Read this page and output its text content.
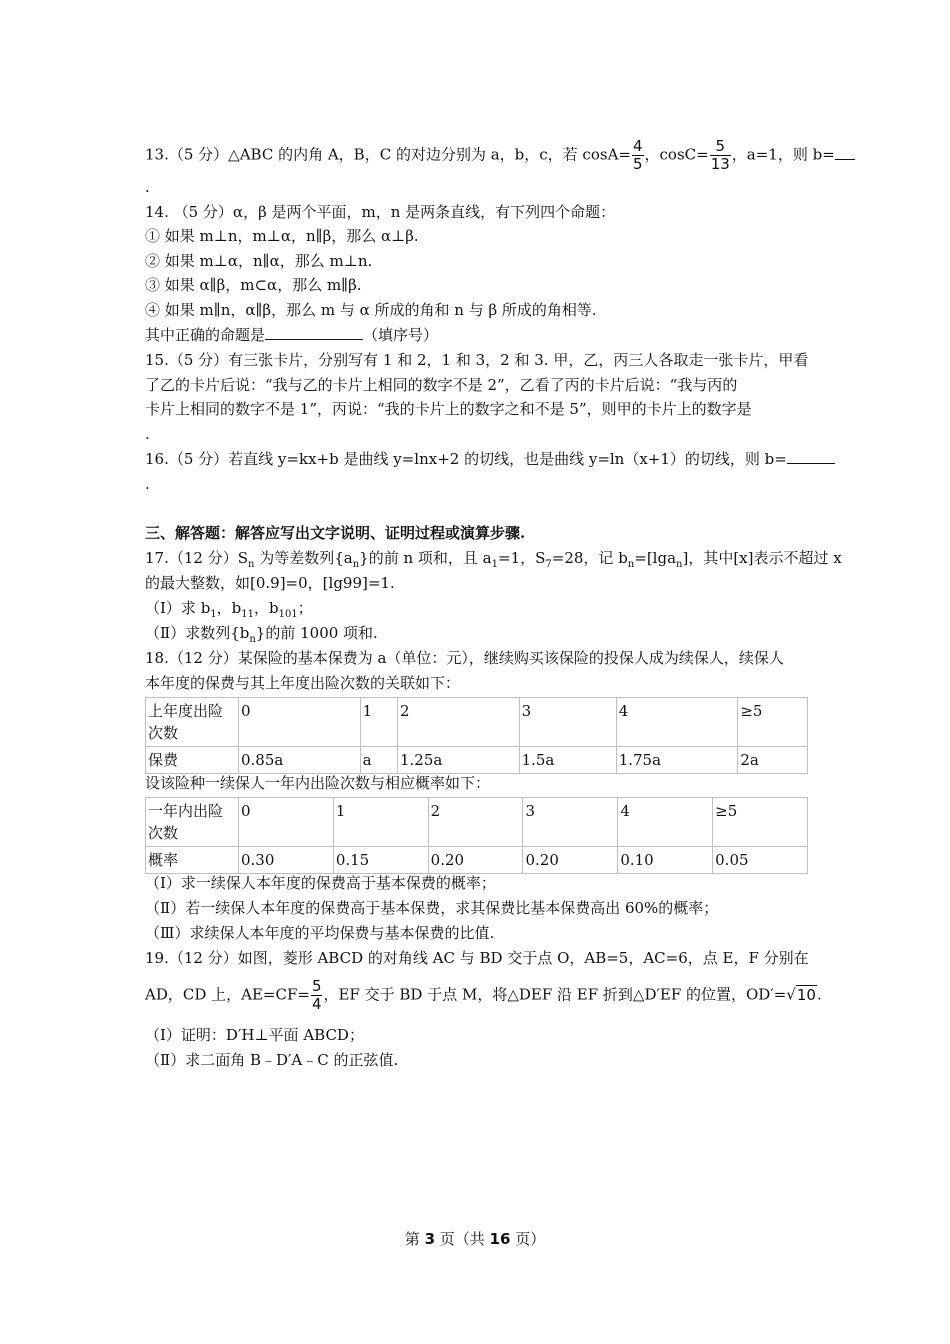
13.（5 分）△ABC 的内角 A，B，C 的对边分别为 a，b，c，若 $\cos A= \frac{4}{5}$ ，$\cos C= \frac{5}{13}$ ，a=1，则 b=
.
14. （5 分）α，β 是两个平面，m，n 是两条直线，有下列四个命题：
① 如果 m⊥n，m⊥α，n∥β，那么 α⊥β.
② 如果 m⊥α，n∥α，那么 m⊥n.
③ 如果 α∥β，m⊂α，那么 m∥β.
④ 如果 m∥n，α∥β，那么 m 与 α 所成的角和 n 与 β 所成的角相等.
其中正确的命题是	（填序号）
15.（5 分）有三张卡片，分别写有 1 和 2，1 和 3，2 和 3. 甲，乙，丙三人各取走一张卡片，甲看
了乙的卡片后说：“我与乙的卡片上相同的数字不是 2”，乙看了丙的卡片后说：“我与丙的
卡片上相同的数字不是 1”，丙说：“我的卡片上的数字之和不是 5”，则甲的卡片上的数字是
.
16.（5 分）若直线 y=kx+b 是曲线 y=lnx+2 的切线，也是曲线 y=ln（x+1）的切线，则 b=
.
三、解答题：解答应写出文字说明、证明过程或演算步骤.
17.（12 分）$S_n$ 为等差数列$\{a_n\}$的前 n 项和，且 $a_1=1$，$S_7=28$，记 $b_n=[\lg a_n]$，其中[x]表示不超过 x
的最大整数，如[0.9]=0，[lg99]=1.
（Ⅰ）求 $b_1$，$b_{11}$，$b_{101}$；
（Ⅱ）求数列$\{b_n\}$的前 1000 项和.
18.（12 分）某保险的基本保费为 a（单位：元），继续购买该保险的投保人成为续保人，续保人
本年度的保费与其上年度出险次数的关联如下：
上年度出险次数	0	1	2	3	4	≥5
保费	0.85a	a	1.25a	1.5a	1.75a	2a
设该险种一续保人一年内出险次数与相应概率如下：
一年内出险次数	0	1	2	3	4	≥5
概率	0.30	0.15	0.20	0.20	0.10	0.05
（Ⅰ）求一续保人本年度的保费高于基本保费的概率；
（Ⅱ）若一续保人本年度的保费高于基本保费，求其保费比基本保费高出 60%的概率；
（Ⅲ）求续保人本年度的平均保费与基本保费的比值.
19.（12 分）如图，菱形 ABCD 的对角线 AC 与 BD 交于点 O，AB=5，AC=6，点 E，F 分别在
AD，CD 上，$AE=CF= \frac{5}{4}$ ，EF 交于 BD 于点 M，将△DEF 沿 EF 折到△D′EF 的位置，OD′=√10.
（Ⅰ）证明：D′H⊥平面 ABCD；
（Ⅱ）求二面角 B﹣D′A﹣C 的正弦值.
第 3 页（共 16 页）
